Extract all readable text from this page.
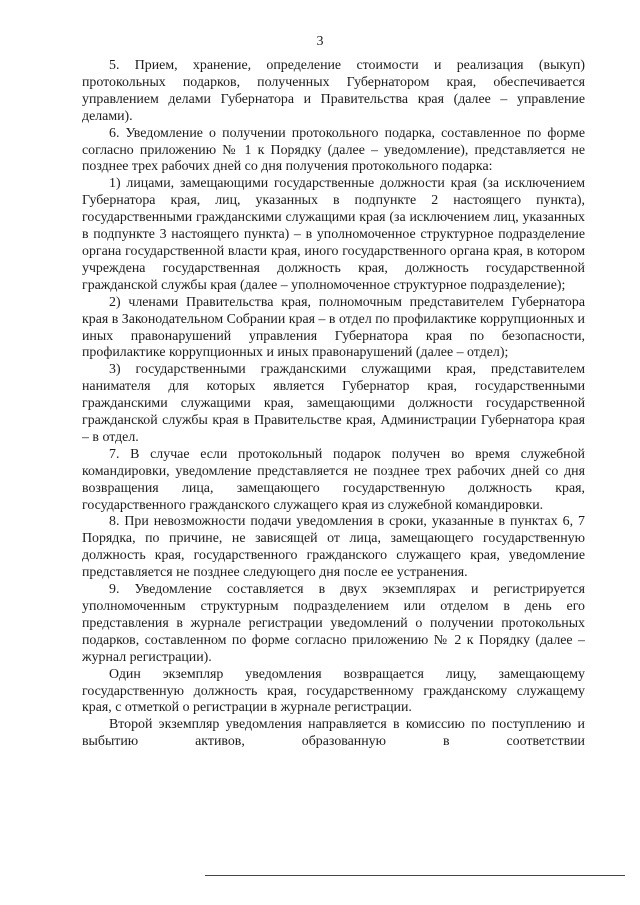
3

5. Прием, хранение, определение стоимости и реализация (выкуп) протокольных подарков, полученных Губернатором края, обеспечивается управлением делами Губернатора и Правительства края (далее – управление делами).

6. Уведомление о получении протокольного подарка, составленное по форме согласно приложению № 1 к Порядку (далее – уведомление), представляется не позднее трех рабочих дней со дня получения протокольного подарка:

1) лицами, замещающими государственные должности края (за исключением Губернатора края, лиц, указанных в подпункте 2 настоящего пункта), государственными гражданскими служащими края (за исключением лиц, указанных в подпункте 3 настоящего пункта) – в уполномоченное структурное подразделение органа государственной власти края, иного государственного органа края, в котором учреждена государственная должность края, должность государственной гражданской службы края (далее – уполномоченное структурное подразделение);

2) членами Правительства края, полномочным представителем Губернатора края в Законодательном Собрании края – в отдел по профилактике коррупционных и иных правонарушений управления Губернатора края по безопасности, профилактике коррупционных и иных правонарушений (далее – отдел);

3) государственными гражданскими служащими края, представителем нанимателя для которых является Губернатор края, государственными гражданскими служащими края, замещающими должности государственной гражданской службы края в Правительстве края, Администрации Губернатора края – в отдел.

7. В случае если протокольный подарок получен во время служебной командировки, уведомление представляется не позднее трех рабочих дней со дня возвращения лица, замещающего государственную должность края, государственного гражданского служащего края из служебной командировки.

8. При невозможности подачи уведомления в сроки, указанные в пунктах 6, 7 Порядка, по причине, не зависящей от лица, замещающего государственную должность края, государственного гражданского служащего края, уведомление представляется не позднее следующего дня после ее устранения.

9. Уведомление составляется в двух экземплярах и регистрируется уполномоченным структурным подразделением или отделом в день его представления в журнале регистрации уведомлений о получении протокольных подарков, составленном по форме согласно приложению № 2 к Порядку (далее – журнал регистрации).

Один экземпляр уведомления возвращается лицу, замещающему государственную должность края, государственному гражданскому служащему края, с отметкой о регистрации в журнале регистрации.

Второй экземпляр уведомления направляется в комиссию по поступлению и выбытию активов, образованную в соответствии
